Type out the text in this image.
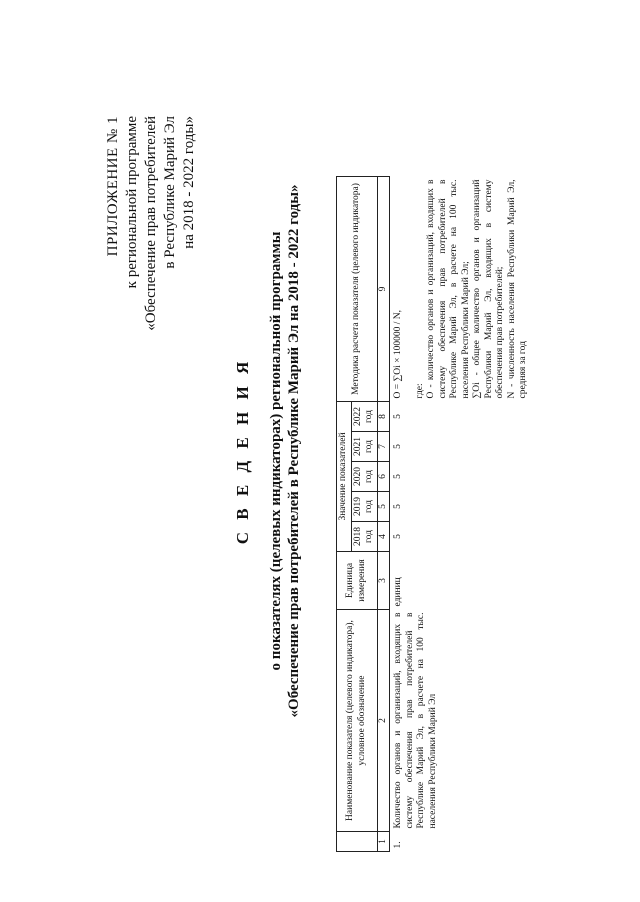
ПРИЛОЖЕНИЕ № 1 к региональной программе «Обеспечение прав потребителей в Республике Марий Эл на 2018 - 2022 годы»
С В Е Д Е Н И Я о показателях (целевых индикаторах) региональной программы «Обеспечение прав потребителей в Республике Марий Эл на 2018 - 2022 годы»
	Наименование показателя (целевого индикатора), условное обозначение	Единица измерения	Значение показателей					Методика расчета показателя (целевого индикатора)
			2018 год	2019 год	2020 год	2021 год	2022 год	
1	2	3	4	5	6	7	8	9
1.	Количество органов и организаций, входящих в систему обеспечения прав потребителей в Республике Марий Эл, в расчете на 100 тыс. населения Республики Марий Эл	единиц	5	5	5	5	5	O = ∑Oi × 100000 / N, где: O - количество органов и организаций, входящих в систему обеспечения прав потребителей в Республике Марий Эл, в расчете на 100 тыс. населения Республики Марий Эл; ∑Oi - общее количество органов и организаций Республики Марий Эл, входящих в систему обеспечения прав потребителей; N - численность населения Республики Марий Эл, средняя за год
